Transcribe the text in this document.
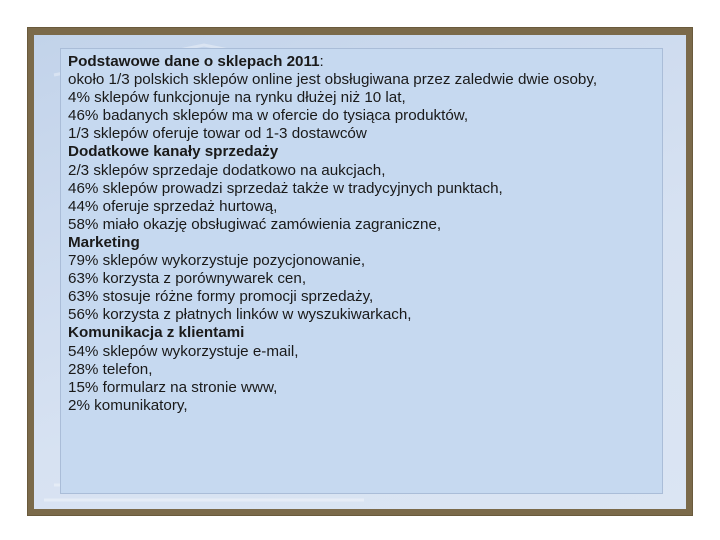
Podstawowe dane o sklepach 2011:
około 1/3 polskich sklepów online jest obsługiwana przez zaledwie dwie osoby,
4% sklepów funkcjonuje na rynku dłużej niż 10 lat,
46% badanych sklepów ma w ofercie do tysiąca produktów,
1/3 sklepów oferuje towar od 1-3 dostawców
Dodatkowe kanały sprzedaży
2/3 sklepów sprzedaje dodatkowo na aukcjach,
46% sklepów prowadzi sprzedaż także w tradycyjnych punktach,
44% oferuje sprzedaż hurtową,
58% miało okazję obsługiwać zamówienia zagraniczne,
Marketing
79% sklepów wykorzystuje pozycjonowanie,
63% korzysta z porównywarek cen,
63% stosuje różne formy promocji sprzedaży,
56% korzysta z płatnych linków w wyszukiwarkach,
Komunikacja z klientami
54% sklepów wykorzystuje e-mail,
28% telefon,
15% formularz na stronie www,
2% komunikatory,
